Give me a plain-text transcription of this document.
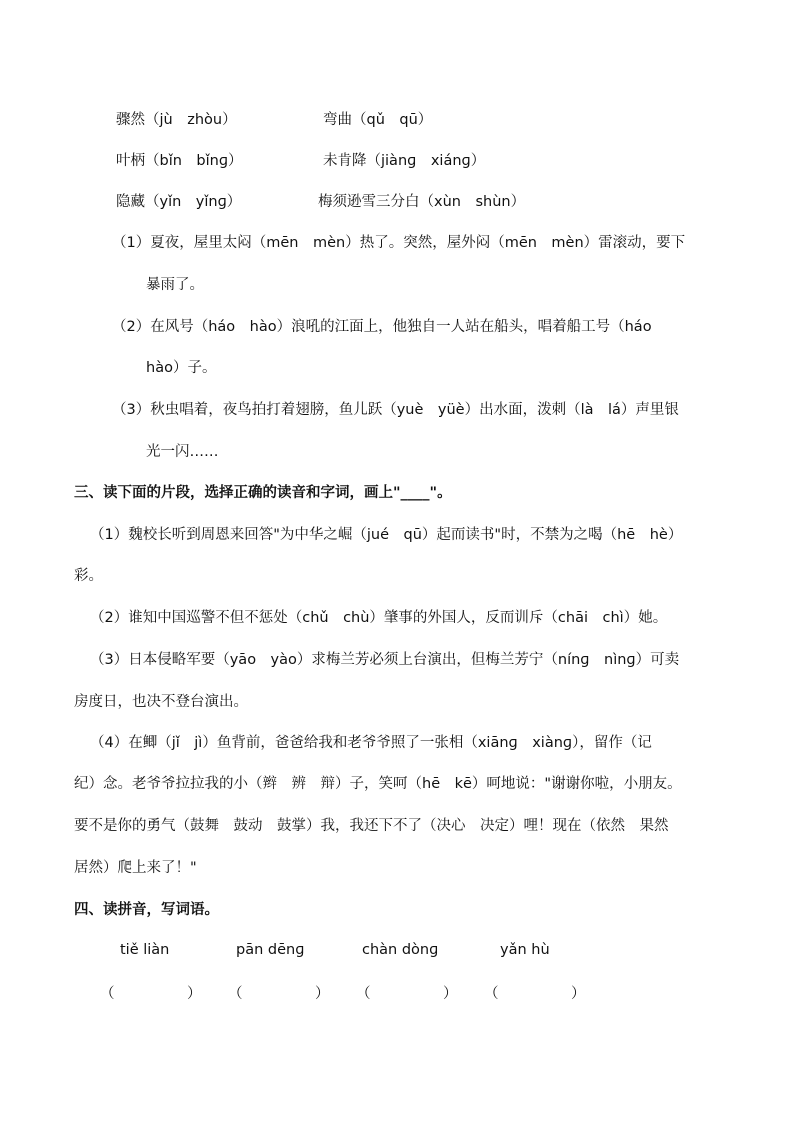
骤然（jù　zhòu）	弯曲（qǔ　qū）
叶柄（bǐn　bǐnɡ）	未肯降（jiànɡ　xiánɡ）
隐藏（yǐn　yǐnɡ）	梅须逊雪三分白（xùn　shùn）
（1）夏夜，屋里太闷（mēn　mèn）热了。突然，屋外闷（mēn　mèn）雷滚动，要下
暴雨了。
（2）在风号（háo　hào）浪吼的江面上，他独自一人站在船头，唱着船工号（háo
hào）子。
（3）秋虫唱着，夜鸟拍打着翅膀，鱼儿跃（yuè　yüè）出水面，泼刺（là　lá）声里银
光一闪……
三、读下面的片段，选择正确的读音和字词，画上"____"。
（1）魏校长听到周恩来回答"为中华之崛（jué　qū）起而读书"时，不禁为之喝（hē　hè）
彩。
（2）谁知中国巡警不但不惩处（chǔ　chù）肇事的外国人，反而训斥（chāi　chì）她。
（3）日本侵略军要（yāo　yào）求梅兰芳必须上台演出，但梅兰芳宁（nínɡ　nìnɡ）可卖
房度日，也决不登台演出。
（4）在鲫（jǐ　jì）鱼背前，爸爸给我和老爷爷照了一张相（xiānɡ　xiànɡ），留作（记
纪）念。老爷爷拉拉我的小（辫　辨　辩）子，笑呵（hē　kē）呵地说："谢谢你啦，小朋友。
要不是你的勇气（鼓舞　鼓动　鼓掌）我，我还下不了（决心　决定）哩！现在（依然　果然
居然）爬上来了！"
四、读拼音，写词语。
tiě liàn	pān dēnɡ	chàn dònɡ	yǎn hù
（　　　　　） （　　　　　） （　　　　　） （　　　　　）
